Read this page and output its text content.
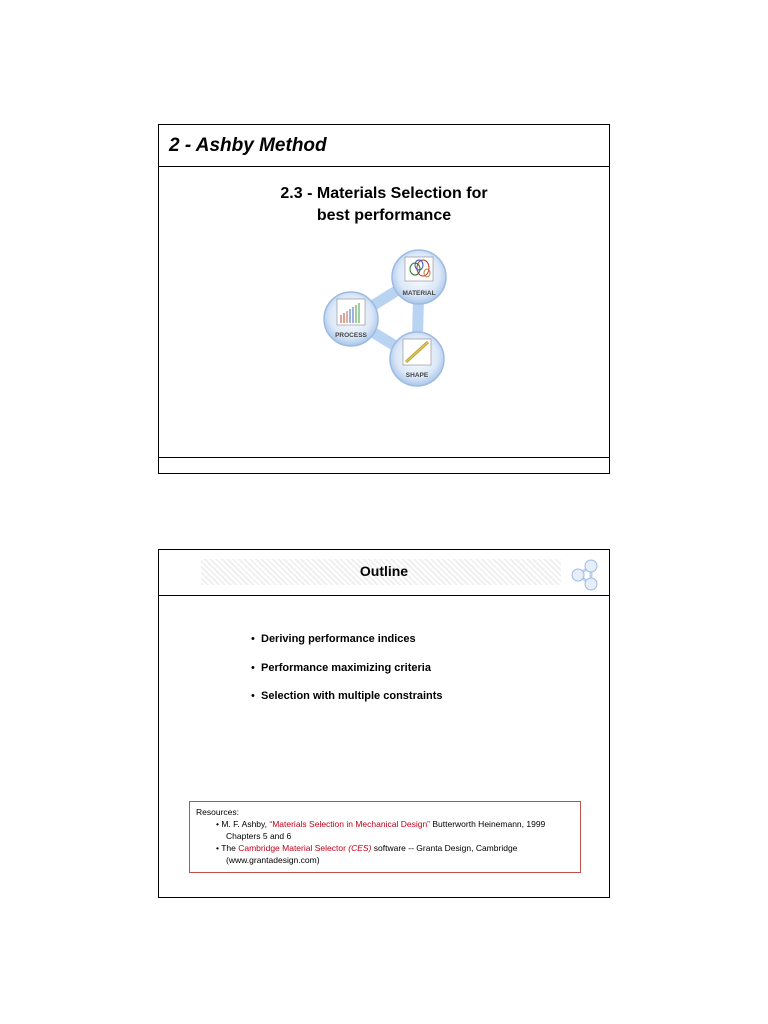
2 - Ashby Method
2.3 - Materials Selection for
best performance
MATERIAL
PROCESS
SHAPE
Outline
• Deriving performance indices
• Performance maximizing criteria
• Selection with multiple constraints
Resources:
• M. F. Ashby, “Materials Selection in Mechanical Design” Butterworth Heinemann, 1999
Chapters 5 and 6
• The Cambridge Material Selector (CES) software -- Granta Design, Cambridge
(www.grantadesign.com)
